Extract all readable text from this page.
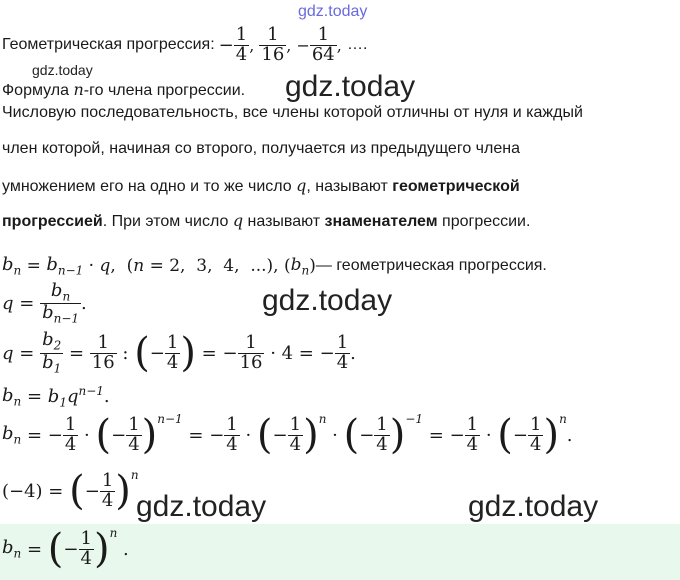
gdz.today
Геометрическая прогрессия: − $\frac{1}{4}$ , $\frac{1}{16}$ , − $\frac{1}{64}$ , ….
gdz.today
Формула n-го члена прогрессии. gdz.today
Числовую последовательность, все члены которой отличны от нуля и каждый
член которой, начиная со второго, получается из предыдущего члена
умножением его на одно и то же число q, называют геометрической
прогрессией. При этом число q называют знаменателем прогрессии.
$b_n = b_{n-1} \cdot q$ ,  ( n = 2,  3,  4,  ...), ( $b_n$ ) — геометрическая прогрессия.
$q = \frac{b_n}{b_{n-1}}$ .	gdz.today
$q = \frac{b_2}{b_1} = \frac{1}{16}$ : ( − $\frac{1}{4}$ ) = − $\frac{1}{16} \cdot 4$ = − $\frac{1}{4}$ .
$b_n = b_1q^{n-1}$ .
$b_n$ = − $\frac{1}{4}$ · ( − $\frac{1}{4}$ ) n−1
= − $\frac{1}{4}$ · ( − $\frac{1}{4}$ ) n
· ( − $\frac{1}{4}$ ) −1
= − $\frac{1}{4}$ · ( − $\frac{1}{4}$ ) n
.
(−4) = ( − $\frac{1}{4}$ ) n
gdz.today	gdz.today
$b_n$ = ( − $\frac{1}{4}$ ) n
.
